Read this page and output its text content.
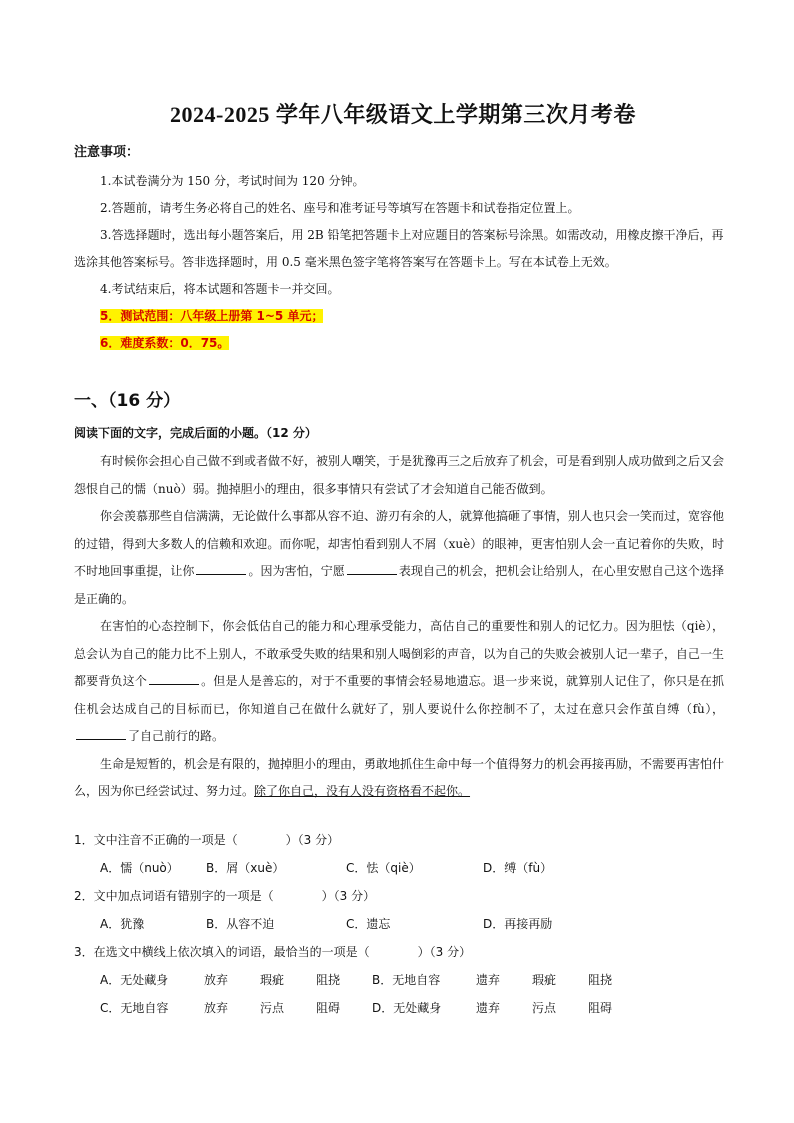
2024-2025 学年八年级语文上学期第三次月考卷
注意事项：

1.本试卷满分为 150 分，考试时间为 120 分钟。

2.答题前，请考生务必将自己的姓名、座号和准考证号等填写在答题卡和试卷指定位置上。

3.答选择题时，选出每小题答案后，用 2B 铅笔把答题卡上对应题目的答案标号涂黑。如需改动，用橡皮擦干净后，再选涂其他答案标号。答非选择题时，用 0.5 毫米黑色签字笔将答案写在答题卡上。写在本试卷上无效。

4.考试结束后，将本试题和答题卡一并交回。

5．测试范围：八年级上册第 1~5 单元；

6．难度系数：0．75。

一、（16 分）
阅读下面的文字，完成后面的小题。（12 分）

有时候你会担心自己做不到或者做不好，被别人嘲笑，于是犹豫再三之后放弃了机会，可是看到别人成功做到之后又会怨恨自己的懦（nuò）弱。抛掉胆小的理由，很多事情只有尝试了才会知道自己能否做到。

你会羡慕那些自信满满，无论做什么事都从容不迫、游刃有余的人，就算他搞砸了事情，别人也只会一笑而过，宽容他的过错，得到大多数人的信赖和欢迎。而你呢，却害怕看到别人不屑（xuè）的眼神，更害怕别人会一直记着你的失败，时不时地回事重提，让你	。因为害怕，宁愿	表现自己的机会，把机会让给别人，在心里安慰自己这个选择是正确的。

在害怕的心态控制下，你会低估自己的能力和心理承受能力，高估自己的重要性和别人的记忆力。因为胆怯（qiè），总会认为自己的能力比不上别人，不敢承受失败的结果和别人喝倒彩的声音，以为自己的失败会被别人记一辈子，自己一生都要背负这个	。但是人是善忘的，对于不重要的事情会轻易地遗忘。退一步来说，就算别人记住了，你只是在抓住机会达成自己的目标而已，你知道自己在做什么就好了，别人要说什么你控制不了，太过在意只会作茧自缚（fù），了自己前行的路。

生命是短暂的，机会是有限的，抛掉胆小的理由，勇敢地抓住生命中每一个值得努力的机会再接再励，不需要再害怕什么，因为你已经尝试过、努力过。除了你自己，没有人没有资格看不起你。

1．文中注音不正确的一项是（　　　　）（3 分）

A．懦（nuò） B．屑（xuè）	C．怯（qiè）	D．缚（fù）

2．文中加点词语有错别字的一项是（　　　　）（3 分）

A．犹豫	B．从容不迫	C．遗忘	D．再接再励

3．在选文中横线上依次填入的词语，最恰当的一项是（　　　　）（3 分）

A．无处藏身	放弃	瑕疵	阻挠	B．无地自容	遗弃	瑕疵	阻挠

C．无地自容	放弃	污点	阻碍	D．无处藏身	遗弃	污点	阻碍
